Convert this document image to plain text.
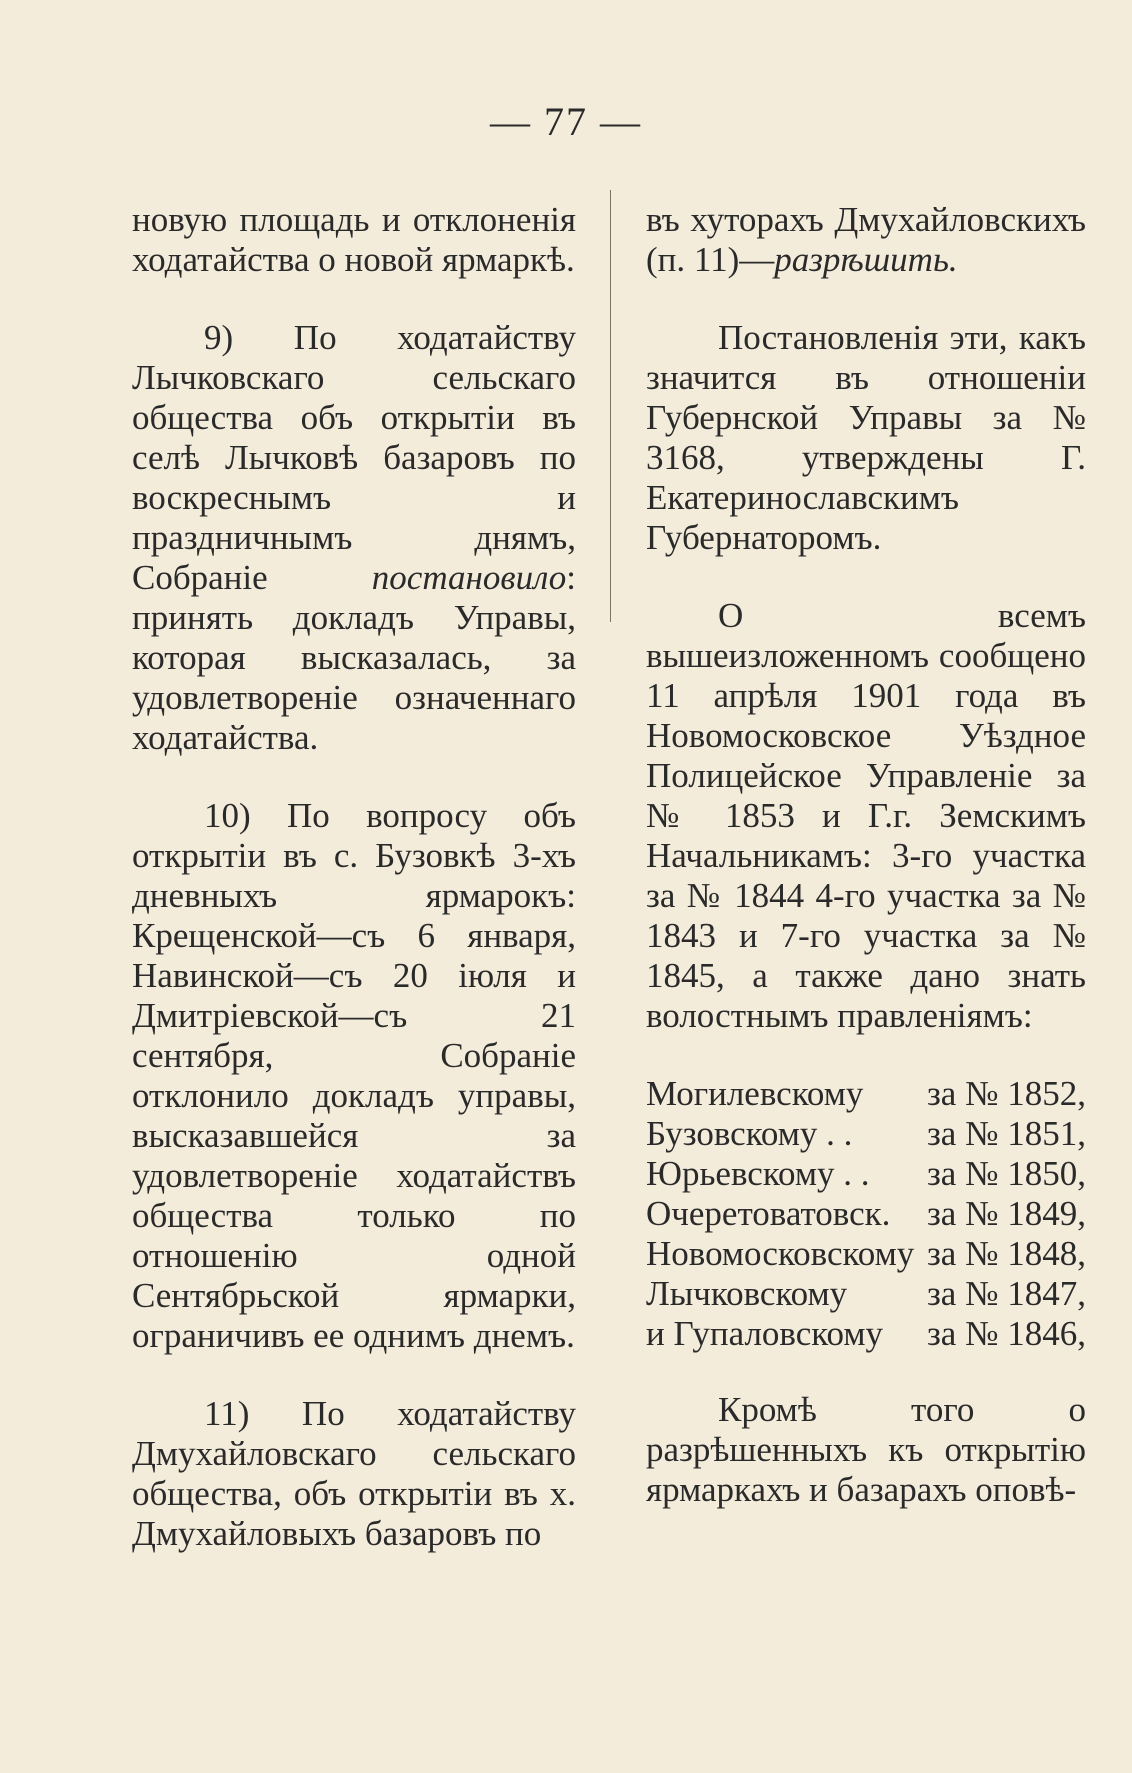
— 77 —

новую площадь и отклоненія ходатайства о новой ярмаркѣ.

9) По ходатайству Лычковскаго сельскаго общества объ открытіи въ селѣ Лычковѣ базаровъ по воскреснымъ и праздничнымъ днямъ, Собраніе постановило: принять докладъ Управы, которая высказалась, за удовлетвореніе означеннаго ходатайства.

10) По вопросу объ открытіи въ с. Бузовкѣ 3-хъ дневныхъ ярмарокъ: Крещенской—съ 6 января, Навинской—съ 20 іюля и Дмитріевской—съ 21 сентября, Собраніе отклонило докладъ управы, высказавшейся за удовлетвореніе ходатайствъ общества только по отношенію одной Сентябрьской ярмарки, ограничивъ ее однимъ днемъ.

11) По ходатайству Дмухайловскаго сельскаго общества, объ открытіи въ х. Дмухайловыхъ базаровъ по

въ хуторахъ Дмухайловскихъ (п. 11)—разрѣшить.

Постановленія эти, какъ значится въ отношеніи Губернской Управы за № 3168, утверждены Г. Екатеринославскимъ Губернаторомъ.

О всемъ вышеизложенномъ сообщено 11 апрѣля 1901 года въ Новомосковское Уѣздное Полицейское Управленіе за № 1853 и Г.г. Земскимъ Начальникамъ: 3-го участка за № 1844 4-го участка за № 1843 и 7-го участка за № 1845, а также дано знать волостнымъ правленіямъ:

Могилевскому за № 1852,
Бузовскому . . за № 1851,
Юрьевскому . . за № 1850,
Очеретоватовск. за № 1849,
Новомосковскому за № 1848,
Лычковскому за № 1847,
и Гупаловскому за № 1846,

Кромѣ того о разрѣшенныхъ къ открытію ярмаркахъ и базарахъ оповѣ-
